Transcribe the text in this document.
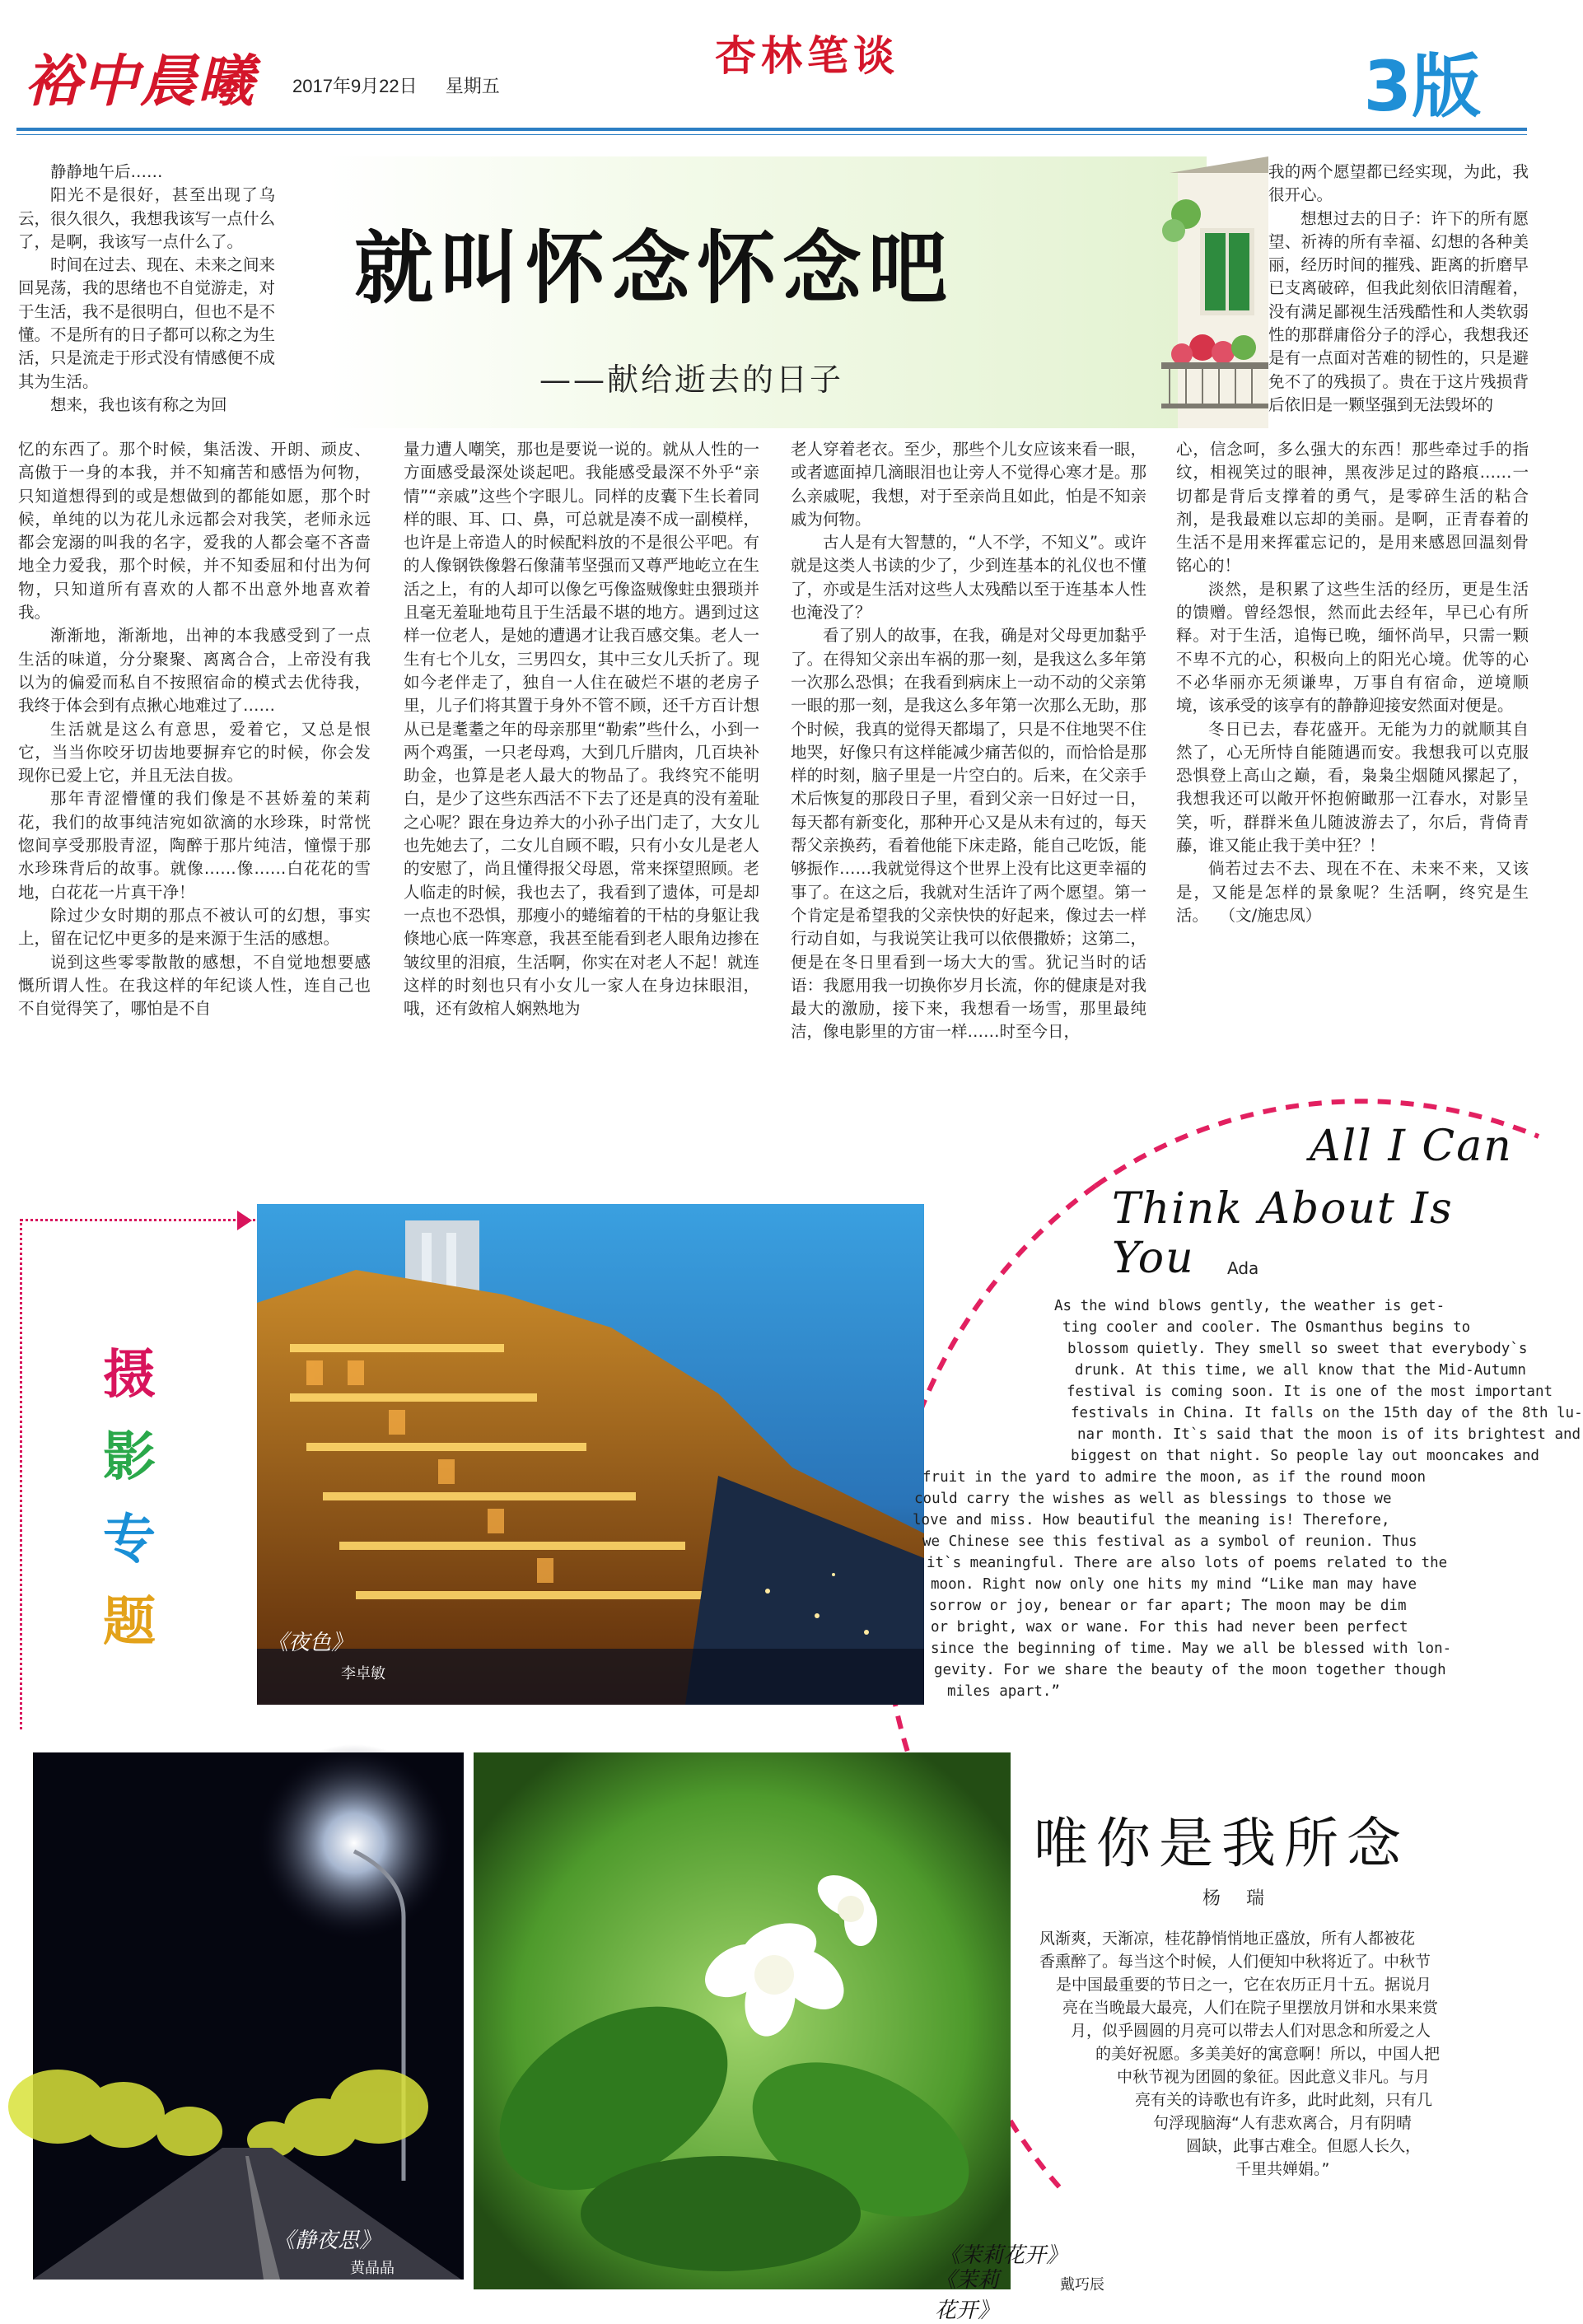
裕中晨曦 2017年9月22日 星期五
杏林笔谈	3版
就叫怀念怀念吧
——献给逝去的日子

静静地午后……

阳光不是很好，甚至出现了乌云，很久很久，我想我该写一点什么了，是啊，我该写一点什么了。

时间在过去、现在、未来之间来回晃荡，我的思绪也不自觉游走，对于生活，我不是很明白，但也不是不懂。不是所有的日子都可以称之为生活，只是流走于形式没有情感便不成其为生活。

想来，我也该有称之为回

忆的东西了。那个时候，集活泼、开朗、顽皮、高傲于一身的本我，并不知痛苦和感悟为何物，只知道想得到的或是想做到的都能如愿，那个时候，单纯的以为花儿永远都会对我笑，老师永远都会宠溺的叫我的名字，爱我的人都会毫不吝啬地全力爱我，那个时候，并不知委屈和付出为何物，只知道所有喜欢的人都不出意外地喜欢着我。

渐渐地，渐渐地，出神的本我感受到了一点生活的味道，分分聚聚、离离合合，上帝没有我以为的偏爱而私自不按照宿命的模式去优待我，我终于体会到有点揪心地难过了……

生活就是这么有意思，爱着它，又总是恨它，当当你咬牙切齿地要摒弃它的时候，你会发现你已爱上它，并且无法自拔。

那年青涩懵懂的我们像是不甚娇羞的茉莉花，我们的故事纯洁宛如欲滴的水珍珠，时常恍惚间享受那股青涩，陶醉于那片纯洁，憧憬于那水珍珠背后的故事。就像……像……白花花的雪地，白花花一片真干净！

除过少女时期的那点不被认可的幻想，事实上，留在记忆中更多的是来源于生活的感想。

说到这些零零散散的感想，不自觉地想要感慨所谓人性。在我这样的年纪谈人性，连自己也不自觉得笑了，哪怕是不自

量力遭人嘲笑，那也是要说一说的。就从人性的一方面感受最深处谈起吧。我能感受最深不外乎“亲情”“亲戚”这些个字眼儿。同样的皮囊下生长着同样的眼、耳、口、鼻，可总就是凑不成一副模样，也许是上帝造人的时候配料放的不是很公平吧。有的人像钢铁像磐石像蒲苇坚强而又尊严地屹立在生活之上，有的人却可以像乞丐像盗贼像蛀虫猥琐并且毫无羞耻地苟且于生活最不堪的地方。遇到过这样一位老人，是她的遭遇才让我百感交集。老人一生有七个儿女，三男四女，其中三女儿夭折了。现如今老伴走了，独自一人住在破烂不堪的老房子里，儿子们将其置于身外不管不顾，还千方百计想从已是耄耋之年的母亲那里“勒索”些什么，小到一两个鸡蛋，一只老母鸡，大到几斤腊肉，几百块补助金，也算是老人最大的物品了。我终究不能明白，是少了这些东西活不下去了还是真的没有羞耻之心呢？跟在身边养大的小孙子出门走了，大女儿也先她去了，二女儿自顾不暇，只有小女儿是老人的安慰了，尚且懂得报父母恩，常来探望照顾。老人临走的时候，我也去了，我看到了遗体，可是却一点也不恐惧，那瘦小的蜷缩着的干枯的身躯让我倏地心底一阵寒意，我甚至能看到老人眼角边掺在皱纹里的泪痕，生活啊，你实在对老人不起！就连这样的时刻也只有小女儿一家人在身边抹眼泪，哦，还有敛棺人娴熟地为

老人穿着老衣。至少，那些个儿女应该来看一眼，或者遮面掉几滴眼泪也让旁人不觉得心寒才是。那么亲戚呢，我想，对于至亲尚且如此，怕是不知亲戚为何物。

古人是有大智慧的，“人不学，不知义”。或许就是这类人书读的少了，少到连基本的礼仪也不懂了，亦或是生活对这些人太残酷以至于连基本人性也淹没了？

看了别人的故事，在我，确是对父母更加黏乎了。在得知父亲出车祸的那一刻，是我这么多年第一次那么恐惧；在我看到病床上一动不动的父亲第一眼的那一刻，是我这么多年第一次那么无助，那个时候，我真的觉得天都塌了，只是不住地哭不住地哭，好像只有这样能减少痛苦似的，而恰恰是那样的时刻，脑子里是一片空白的。后来，在父亲手术后恢复的那段日子里，看到父亲一日好过一日，每天都有新变化，那种开心又是从未有过的，每天帮父亲换药，看着他能下床走路，能自己吃饭，能够振作……我就觉得这个世界上没有比这更幸福的事了。在这之后，我就对生活许了两个愿望。第一个肯定是希望我的父亲快快的好起来，像过去一样行动自如，与我说笑让我可以依偎撒娇；这第二，便是在冬日里看到一场大大的雪。犹记当时的话语：我愿用我一切换你岁月长流，你的健康是对我最大的激励，接下来，我想看一场雪，那里最纯洁，像电影里的方宙一样……时至今日，

我的两个愿望都已经实现，为此，我很开心。

想想过去的日子：许下的所有愿望、祈祷的所有幸福、幻想的各种美丽，经历时间的摧残、距离的折磨早已支离破碎，但我此刻依旧清醒着，没有满足鄙视生活残酷性和人类软弱性的那群庸俗分子的浮心，我想我还是有一点面对苦难的韧性的，只是避免不了的残损了。贵在于这片残损背后依旧是一颗坚强到无法毁坏的

心，信念呵，多么强大的东西！那些牵过手的指纹，相视笑过的眼神，黑夜涉足过的路痕……一切都是背后支撑着的勇气，是零碎生活的粘合剂，是我最难以忘却的美丽。是啊，正青春着的生活不是用来挥霍忘记的，是用来感恩回温刻骨铭心的！

淡然，是积累了这些生活的经历，更是生活的馈赠。曾经怨恨，然而此去经年，早已心有所释。对于生活，追悔已晚，缅怀尚早，只需一颗不卑不亢的心，积极向上的阳光心境。优等的心不必华丽亦无须谦卑，万事自有宿命，逆境顺境，该承受的该享有的静静迎接安然面对便是。

冬日已去，春花盛开。无能为力的就顺其自然了，心无所恃自能随遇而安。我想我可以克服恐惧登上高山之巅，看，枭枭尘烟随风摞起了，我想我还可以敞开怀抱俯瞰那一江春水，对影呈笑，听，群群米鱼儿随波游去了，尔后，背倚青藤，谁又能止我于美中狂？！

倘若过去不去、现在不在、未来不来，又该是，又能是怎样的景象呢？生活啊，终究是生活。 （文/施忠凤）

摄
影
专
题	《夜色》
李卓敏
《静夜思》
黄晶晶	《茉莉花开》
戴巧辰
《茉莉花开》
All I Can
Think About Is You	Ada
As the wind blows gently, the weather is get-
ting cooler and cooler. The Osmanthus begins to
blossom quietly. They smell so sweet that everybody`s
drunk. At this time, we all know that the Mid-Autumn
festival is coming soon. It is one of the most important
festivals in China. It falls on the 15th day of the 8th lu-
nar month. It`s said that the moon is of its brightest and
biggest on that night. So people lay out mooncakes and
fruit in the yard to admire the moon, as if the round moon
could carry the wishes as well as blessings to those we
love and miss. How beautiful the meaning is! Therefore,
we Chinese see this festival as a symbol of reunion. Thus
it`s meaningful. There are also lots of poems related to the
moon. Right now only one hits my mind “Like man may have
sorrow or joy, benear or far apart; The moon may be dim
or bright, wax or wane. For this had never been perfect
since the beginning of time. May we all be blessed with lon-
gevity. For we share the beauty of the moon together though
miles apart.”
唯你是我所念
杨 瑞
风渐爽，天渐凉，桂花静悄悄地正盛放，所有人都被花
香熏醉了。每当这个时候，人们便知中秋将近了。中秋节
是中国最重要的节日之一，它在农历正月十五。据说月
亮在当晚最大最亮，人们在院子里摆放月饼和水果来赏
月，似乎圆圆的月亮可以带去人们对思念和所爱之人
的美好祝愿。多美美好的寓意啊！所以，中国人把
中秋节视为团圆的象征。因此意义非凡。与月
亮有关的诗歌也有许多，此时此刻，只有几
句浮现脑海“人有悲欢离合，月有阴晴
圆缺，此事古难全。但愿人长久，
千里共婵娟。”
